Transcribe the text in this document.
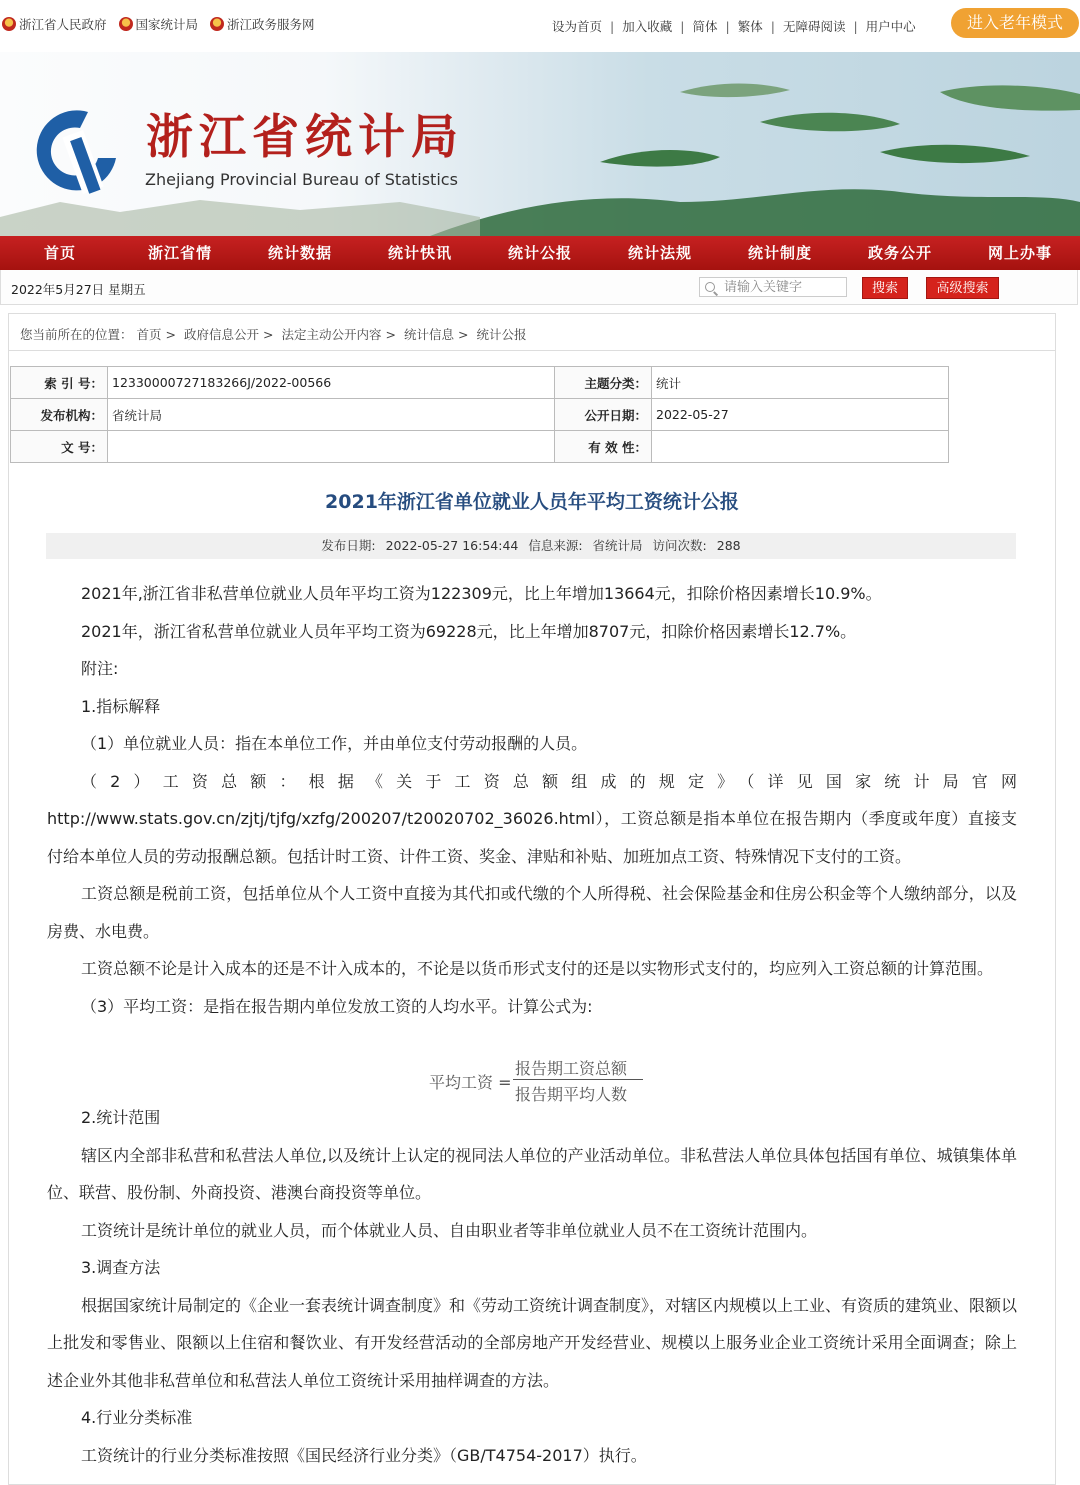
浙江省人民政府 国家统计局 浙江政务服务网	设为首页 | 加入收藏 | 简体 | 繁体 | 无障碍阅读 | 用户中心	进入老年模式
浙江省统计局
Zhejiang Provincial Bureau of Statistics
首页	浙江省情	统计数据	统计快讯	统计公报	统计法规	统计制度	政务公开	网上办事
2022年5月27日 星期五	请输入关键字	搜索	高级搜索
您当前所在的位置： 首页 > 政府信息公开 > 法定主动公开内容 > 统计信息 > 统计公报
索 引 号：	12330000727183266J/2022-00566	主题分类：	统计
发布机构：	省统计局	公开日期：	2022-05-27
文 号：		有 效 性：	
2021年浙江省单位就业人员年平均工资统计公报
发布日期: 2022-05-27 16:54:44 信息来源: 省统计局 访问次数: 288

2021年,浙江省非私营单位就业人员年平均工资为122309元，比上年增加13664元，扣除价格因素增长10.9%。

2021年，浙江省私营单位就业人员年平均工资为69228元，比上年增加8707元，扣除价格因素增长12.7%。

附注:

1.指标解释

（1）单位就业人员：指在本单位工作，并由单位支付劳动报酬的人员。

（2）工资总额：根据《关于工资总额组成的规定》（详见国家统计局官网

http://www.stats.gov.cn/zjtj/tjfg/xzfg/200207/t20020702_36026.html），工资总额是指本单位在报告期内（季度或年度）直接支付给本单位人员的劳动报酬总额。包括计时工资、计件工资、奖金、津贴和补贴、加班加点工资、特殊情况下支付的工资。

工资总额是税前工资，包括单位从个人工资中直接为其代扣或代缴的个人所得税、社会保险基金和住房公积金等个人缴纳部分，以及房费、水电费。

工资总额不论是计入成本的还是不计入成本的，不论是以货币形式支付的还是以实物形式支付的，均应列入工资总额的计算范围。

（3）平均工资：是指在报告期内单位发放工资的人均水平。计算公式为:

2.统计范围

辖区内全部非私营和私营法人单位,以及统计上认定的视同法人单位的产业活动单位。非私营法人单位具体包括国有单位、城镇集体单位、联营、股份制、外商投资、港澳台商投资等单位。

工资统计是统计单位的就业人员，而个体就业人员、自由职业者等非单位就业人员不在工资统计范围内。

3.调查方法

根据国家统计局制定的《企业一套表统计调查制度》和《劳动工资统计调查制度》，对辖区内规模以上工业、有资质的建筑业、限额以上批发和零售业、限额以上住宿和餐饮业、有开发经营活动的全部房地产开发经营业、规模以上服务业企业工资统计采用全面调查；除上述企业外其他非私营单位和私营法人单位工资统计采用抽样调查的方法。

4.行业分类标准

工资统计的行业分类标准按照《国民经济行业分类》（GB/T4754-2017）执行。

平均工资 =
报告期工资总额
报告期平均人数
